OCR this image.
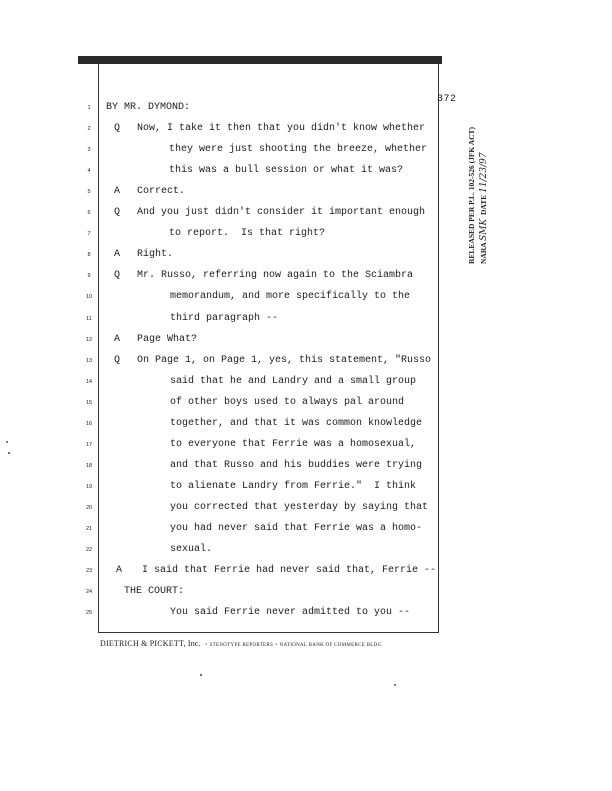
372
1	BY MR. DYMOND:
2	Q Now, I take it then that you didn't know whether
3	they were just shooting the breeze, whether
4	this was a bull session or what it was?
5	A Correct.
6	Q And you just didn't consider it important enough
7	to report.  Is that right?
8	A Right.
9	Q Mr. Russo, referring now again to the Sciambra
10	memorandum, and more specifically to the
11	third paragraph --
12	A Page What?
13	Q On Page 1, on Page 1, yes, this statement, "Russo
14	said that he and Landry and a small group
15	of other boys used to always pal around
16	together, and that it was common knowledge
17	to everyone that Ferrie was a homosexual,
18	and that Russo and his buddies were trying
19	to alienate Landry from Ferrie."  I think
20	you corrected that yesterday by saying that
21	you had never said that Ferrie was a homo-
22	sexual.
23	A I said that Ferrie had never said that, Ferrie --
24	THE COURT:
25	You said Ferrie never admitted to you --
DIETRICH & PICKETT, Inc. • STENOTYPE REPORTERS • NATIONAL BANK OF COMMERCE BLDG.
RELEASED PER P.L. 102-526 (JFK ACT) NARA SMK  DATE 11/23/97
